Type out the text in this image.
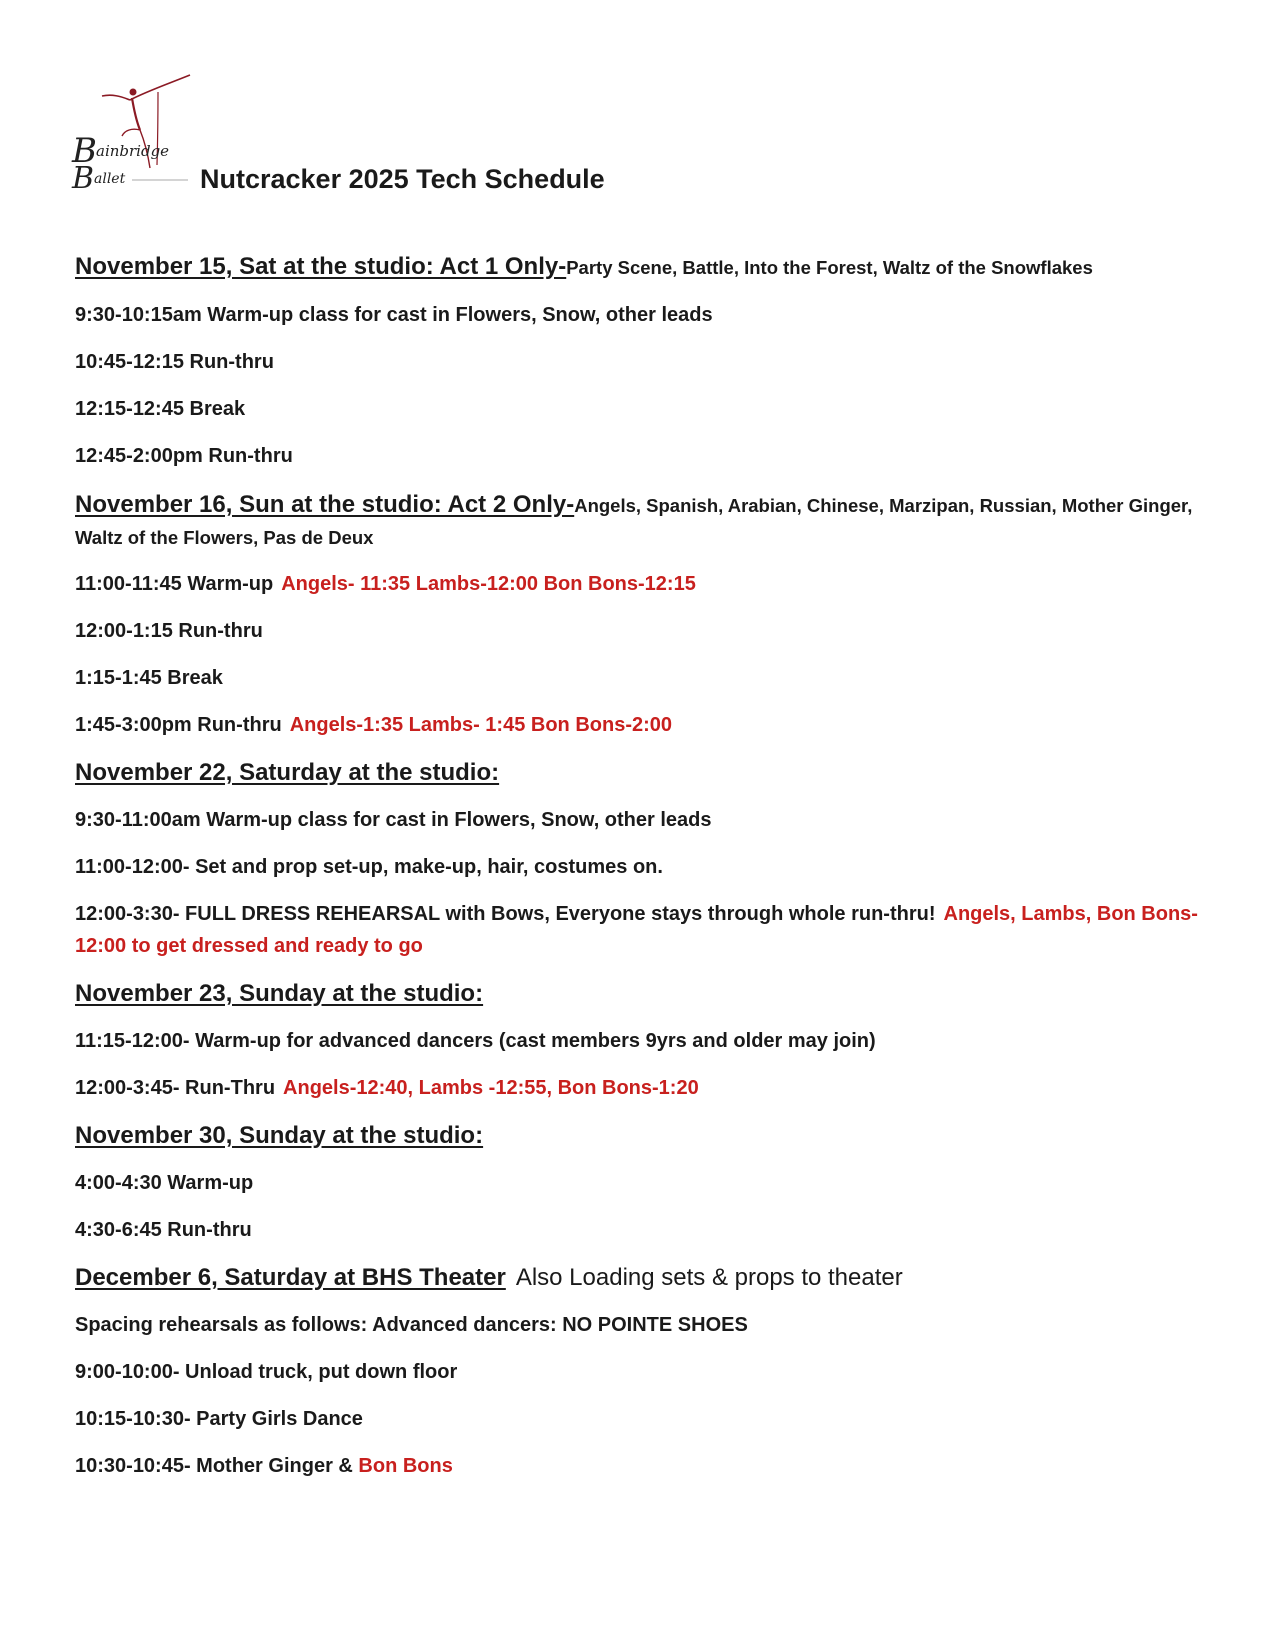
B ainbridge
B allet	Nutcracker 2025 Tech Schedule

November 15, Sat at the studio: Act 1 Only-Party Scene, Battle, Into the Forest, Waltz of the Snowflakes

9:30-10:15am Warm-up class for cast in Flowers, Snow, other leads
10:45-12:15 Run-thru
12:15-12:45 Break
12:45-2:00pm Run-thru

November 16, Sun at the studio: Act 2 Only-Angels, Spanish, Arabian, Chinese, Marzipan, Russian, Mother Ginger, Waltz of the Flowers, Pas de Deux

11:00-11:45 Warm-up Angels- 11:35 Lambs-12:00 Bon Bons-12:15
12:00-1:15 Run-thru
1:15-1:45 Break
1:45-3:00pm Run-thru Angels-1:35 Lambs- 1:45 Bon Bons-2:00

November 22, Saturday at the studio:

9:30-11:00am Warm-up class for cast in Flowers, Snow, other leads
11:00-12:00- Set and prop set-up, make-up, hair, costumes on.
12:00-3:30- FULL DRESS REHEARSAL with Bows, Everyone stays through whole run-thru! Angels, Lambs, Bon Bons- 12:00 to get dressed and ready to go

November 23, Sunday at the studio:

11:15-12:00- Warm-up for advanced dancers (cast members 9yrs and older may join)
12:00-3:45- Run-Thru Angels-12:40, Lambs -12:55, Bon Bons-1:20

November 30, Sunday at the studio:

4:00-4:30 Warm-up
4:30-6:45 Run-thru

December 6, Saturday at BHS Theater Also Loading sets & props to theater

Spacing rehearsals as follows: Advanced dancers: NO POINTE SHOES
9:00-10:00- Unload truck, put down floor
10:15-10:30- Party Girls Dance
10:30-10:45- Mother Ginger & Bon Bons
